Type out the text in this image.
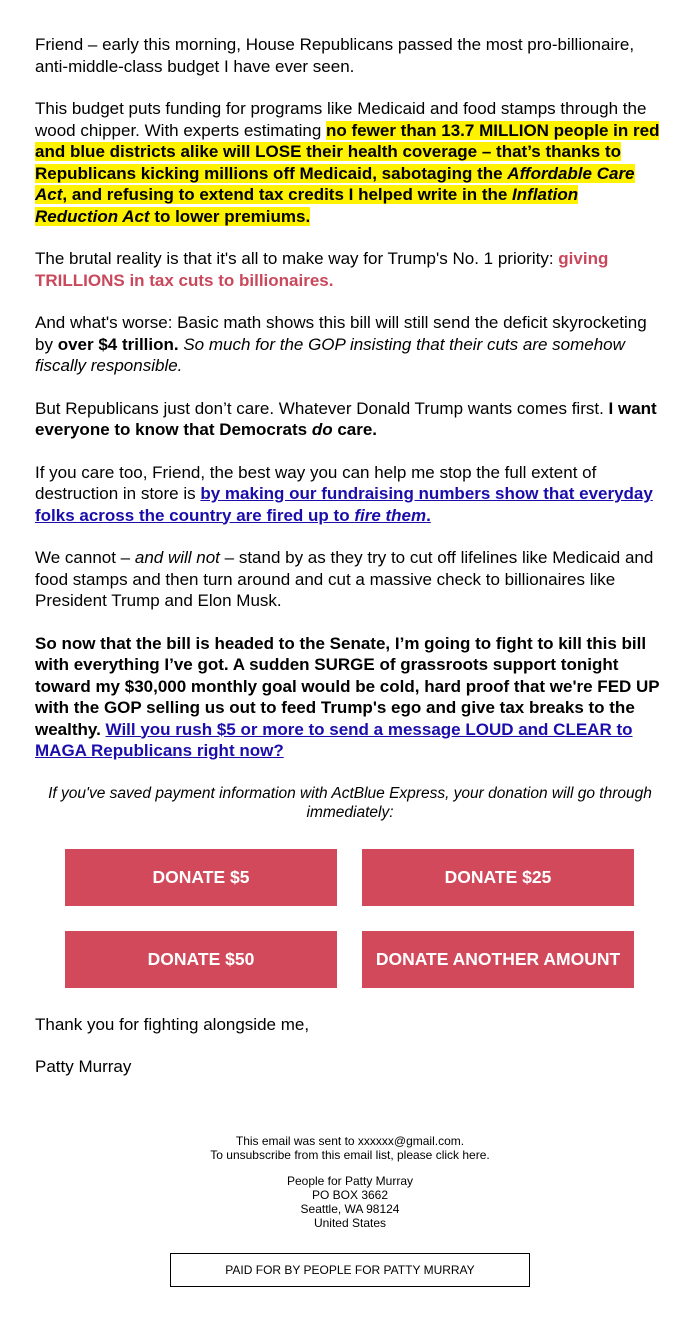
Friend – early this morning, House Republicans passed the most pro-billionaire, anti-middle-class budget I have ever seen.

This budget puts funding for programs like Medicaid and food stamps through the wood chipper. With experts estimating no fewer than 13.7 MILLION people in red and blue districts alike will LOSE their health coverage – that’s thanks to Republicans kicking millions off Medicaid, sabotaging the Affordable Care Act, and refusing to extend tax credits I helped write in the Inflation Reduction Act to lower premiums.

The brutal reality is that it's all to make way for Trump's No. 1 priority: giving TRILLIONS in tax cuts to billionaires.

And what's worse: Basic math shows this bill will still send the deficit skyrocketing by over $4 trillion. So much for the GOP insisting that their cuts are somehow fiscally responsible.

But Republicans just don’t care. Whatever Donald Trump wants comes first. I want everyone to know that Democrats do care.

If you care too, Friend, the best way you can help me stop the full extent of destruction in store is by making our fundraising numbers show that everyday folks across the country are fired up to fire them.

We cannot – and will not – stand by as they try to cut off lifelines like Medicaid and food stamps and then turn around and cut a massive check to billionaires like President Trump and Elon Musk.

So now that the bill is headed to the Senate, I’m going to fight to kill this bill with everything I’ve got. A sudden SURGE of grassroots support tonight toward my $30,000 monthly goal would be cold, hard proof that we're FED UP with the GOP selling us out to feed Trump's ego and give tax breaks to the wealthy. Will you rush $5 or more to send a message LOUD and CLEAR to MAGA Republicans right now?

If you've saved payment information with ActBlue Express, your donation will go through immediately:
DONATE $5	DONATE $25
DONATE $50	DONATE ANOTHER AMOUNT
Thank you for fighting alongside me,
Patty Murray
This email was sent to xxxxxx@gmail.com.
To unsubscribe from this email list, please click here.
People for Patty Murray
PO BOX 3662
Seattle, WA 98124
United States
PAID FOR BY PEOPLE FOR PATTY MURRAY
